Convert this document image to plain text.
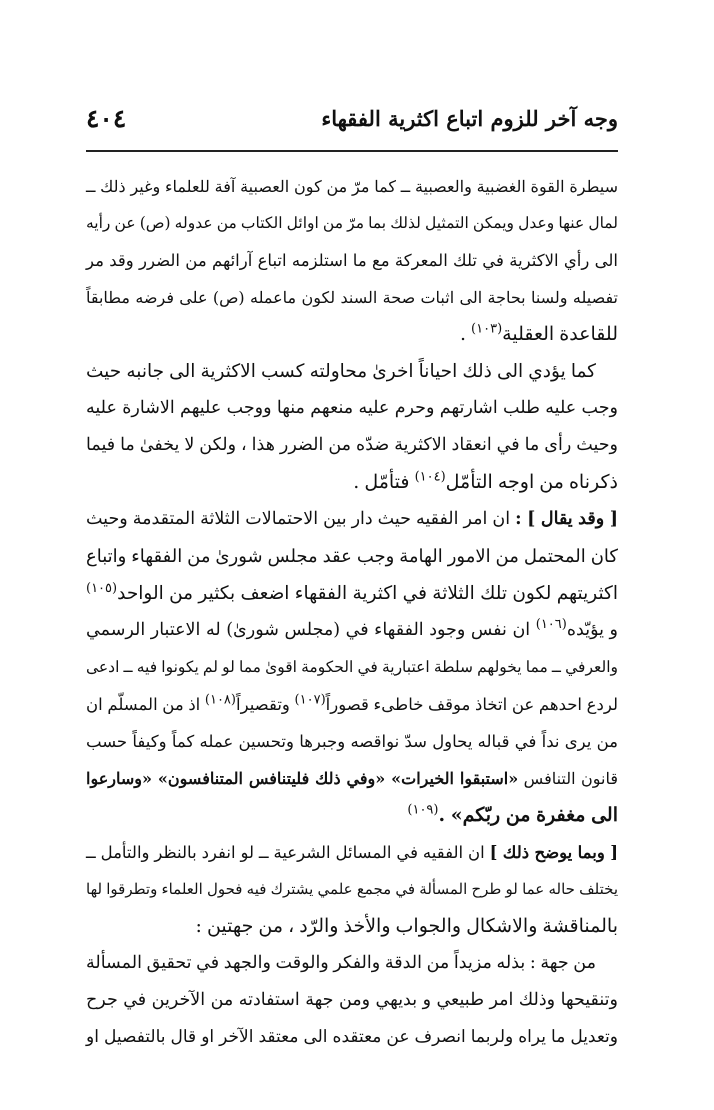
وجه آخر للزوم اتباع اكثرية الفقهاء
٤٠٤
سيطرة القوة الغضبية والعصبية ــ كما مرّ من كون العصبية آفة للعلماء وغير ذلك ــ
لمال عنها وعدل ويمكن التمثيل لذلك بما مرّ من اوائل الكتاب من عدوله (ص) عن رأيه
الى رأي الاكثرية في تلك المعركة مع ما استلزمه اتباع آرائهم من الضرر وقد مر
تفصيله ولسنا بحاجة الى اثبات صحة السند لكون ماعمله (ص) على فرضه مطابقاً
للقاعدة العقلية$^{(١٠٣)}$ .
كما يؤدي الى ذلك احياناً اخرىٰ محاولته كسب الاكثرية الى جانبه حيث
وجب عليه طلب اشارتهم وحرم عليه منعهم منها ووجب عليهم الاشارة عليه
وحيث رأى ما في انعقاد الاكثرية ضدّه من الضرر هذا ، ولكن لا يخفىٰ ما فيما
ذكرناه من اوجه التأمّل$^{(١٠٤)}$ فتأمّل .
[ وقد يقال ] : ان امر الفقيه حيث دار بين الاحتمالات الثلاثة المتقدمة وحيث
كان المحتمل من الامور الهامة وجب عقد مجلس شورىٰ من الفقهاء واتباع
اكثريتهم لكون تلك الثلاثة في اكثرية الفقهاء اضعف بكثير من الواحد$^{(١٠٥)}$
و يؤيّده$^{(١٠٦)}$ ان نفس وجود الفقهاء في (مجلس شورىٰ) له الاعتبار الرسمي
والعرفي ــ مما يخولهم سلطة اعتبارية في الحكومة اقوىٰ مما لو لم يكونوا فيه ــ ادعى
لردع احدهم عن اتخاذ موقف خاطىء قصوراً$^{(١٠٧)}$ وتقصيراً$^{(١٠٨)}$ اذ من المسلّم ان
من يرى نداً في قباله يحاول سدّ نواقصه وجبرها وتحسين عمله كماً وكيفاً حسب
قانون التنافس «استبقوا الخيرات» «وفي ذلك فليتنافس المتنافسون» «وسارعوا
الى مغفرة من ربّكم» .$^{(١٠٩)}$
[ وبما يوضح ذلك ] ان الفقيه في المسائل الشرعية ــ لو انفرد بالنظر والتأمل ــ
يختلف حاله عما لو طرح المسألة في مجمع علمي يشترك فيه فحول العلماء وتطرقوا لها
بالمناقشة والاشكال والجواب والأخذ والرّد ، من جهتين :
من جهة : بذله مزيداً من الدقة والفكر والوقت والجهد في تحقيق المسألة
وتنقيحها وذلك امر طبيعي و بديهي ومن جهة استفادته من الآخرين في جرح
وتعديل ما يراه ولربما انصرف عن معتقده الى معتقد الآخر او قال بالتفصيل او
